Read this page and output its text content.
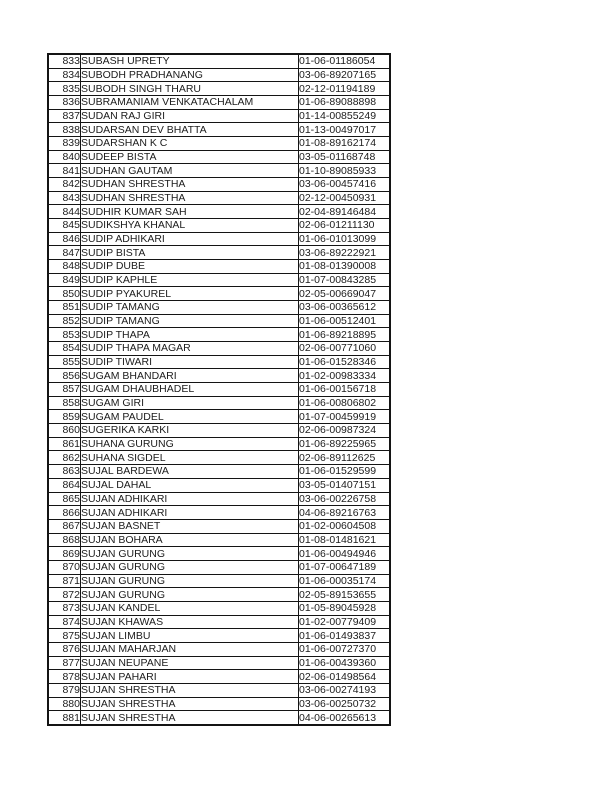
833	SUBASH UPRETY	01-06-01186054
834	SUBODH PRADHANANG	03-06-89207165
835	SUBODH SINGH THARU	02-12-01194189
836	SUBRAMANIAM VENKATACHALAM	01-06-89088898
837	SUDAN RAJ GIRI	01-14-00855249
838	SUDARSAN DEV BHATTA	01-13-00497017
839	SUDARSHAN K C	01-08-89162174
840	SUDEEP BISTA	03-05-01168748
841	SUDHAN GAUTAM	01-10-89085933
842	SUDHAN SHRESTHA	03-06-00457416
843	SUDHAN SHRESTHA	02-12-00450931
844	SUDHIR KUMAR SAH	02-04-89146484
845	SUDIKSHYA KHANAL	02-06-01211130
846	SUDIP ADHIKARI	01-06-01013099
847	SUDIP BISTA	03-06-89222921
848	SUDIP DUBE	01-08-01390008
849	SUDIP KAPHLE	01-07-00843285
850	SUDIP PYAKUREL	02-05-00669047
851	SUDIP TAMANG	03-06-00365612
852	SUDIP TAMANG	01-06-00512401
853	SUDIP THAPA	01-06-89218895
854	SUDIP THAPA MAGAR	02-06-00771060
855	SUDIP TIWARI	01-06-01528346
856	SUGAM BHANDARI	01-02-00983334
857	SUGAM DHAUBHADEL	01-06-00156718
858	SUGAM GIRI	01-06-00806802
859	SUGAM PAUDEL	01-07-00459919
860	SUGERIKA KARKI	02-06-00987324
861	SUHANA GURUNG	01-06-89225965
862	SUHANA SIGDEL	02-06-89112625
863	SUJAL BARDEWA	01-06-01529599
864	SUJAL DAHAL	03-05-01407151
865	SUJAN ADHIKARI	03-06-00226758
866	SUJAN ADHIKARI	04-06-89216763
867	SUJAN BASNET	01-02-00604508
868	SUJAN BOHARA	01-08-01481621
869	SUJAN GURUNG	01-06-00494946
870	SUJAN GURUNG	01-07-00647189
871	SUJAN GURUNG	01-06-00035174
872	SUJAN GURUNG	02-05-89153655
873	SUJAN KANDEL	01-05-89045928
874	SUJAN KHAWAS	01-02-00779409
875	SUJAN LIMBU	01-06-01493837
876	SUJAN MAHARJAN	01-06-00727370
877	SUJAN NEUPANE	01-06-00439360
878	SUJAN PAHARI	02-06-01498564
879	SUJAN SHRESTHA	03-06-00274193
880	SUJAN SHRESTHA	03-06-00250732
881	SUJAN SHRESTHA	04-06-00265613
